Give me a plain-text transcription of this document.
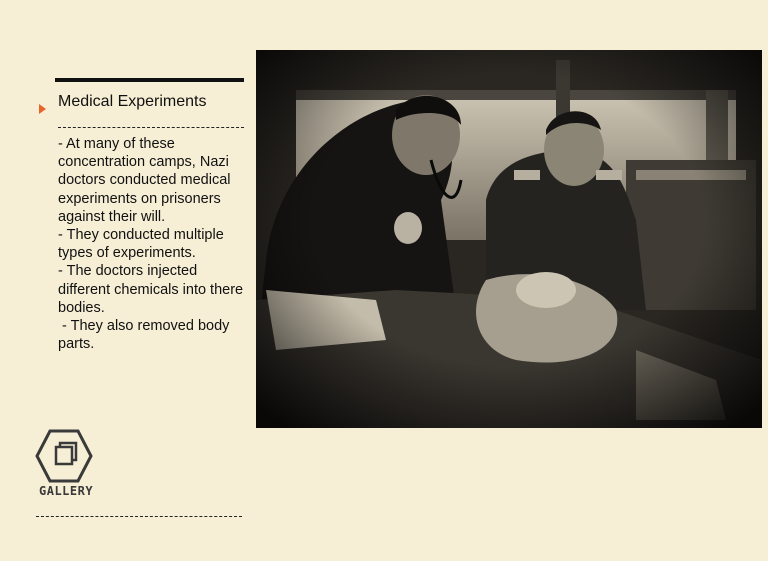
Medical Experiments

- At many of these concentration camps, Nazi doctors conducted medical experiments on prisoners against their will.

- They conducted multiple types of experiments.

- The doctors injected different chemicals into there bodies.

- They also removed body parts.

GALLERY
